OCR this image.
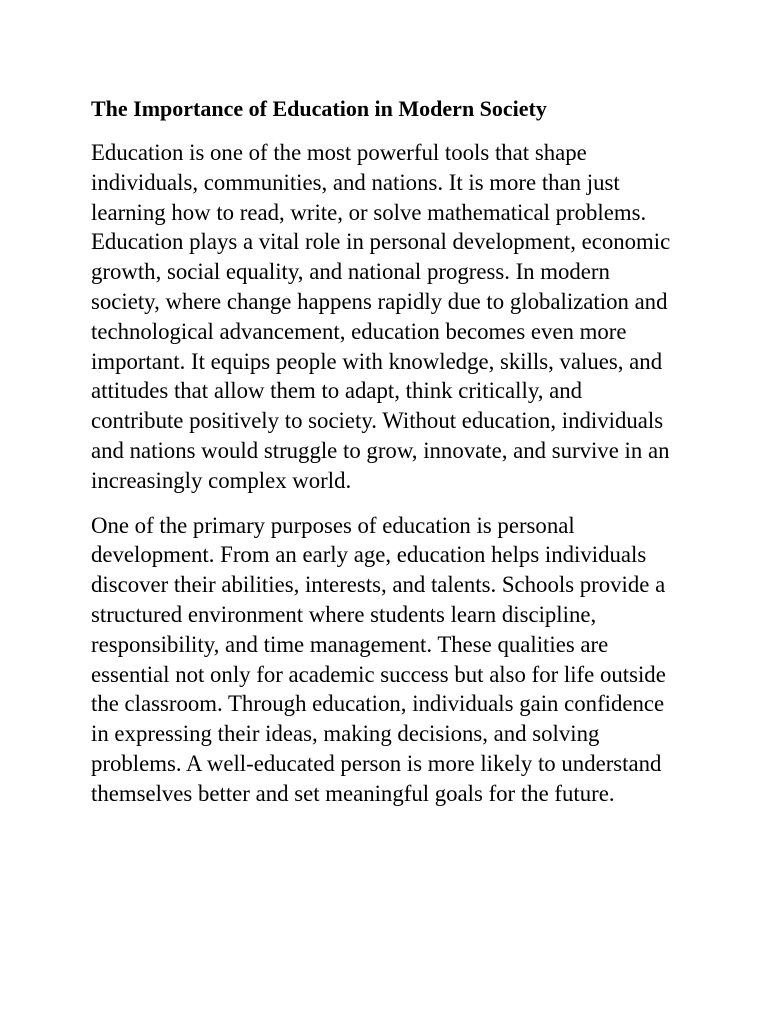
The Importance of Education in Modern Society

Education is one of the most powerful tools that shape individuals, communities, and nations. It is more than just learning how to read, write, or solve mathematical problems. Education plays a vital role in personal development, economic growth, social equality, and national progress. In modern society, where change happens rapidly due to globalization and technological advancement, education becomes even more important. It equips people with knowledge, skills, values, and attitudes that allow them to adapt, think critically, and contribute positively to society. Without education, individuals and nations would struggle to grow, innovate, and survive in an increasingly complex world.

One of the primary purposes of education is personal development. From an early age, education helps individuals discover their abilities, interests, and talents. Schools provide a structured environment where students learn discipline, responsibility, and time management. These qualities are essential not only for academic success but also for life outside the classroom. Through education, individuals gain confidence in expressing their ideas, making decisions, and solving problems. A well-educated person is more likely to understand themselves better and set meaningful goals for the future.
